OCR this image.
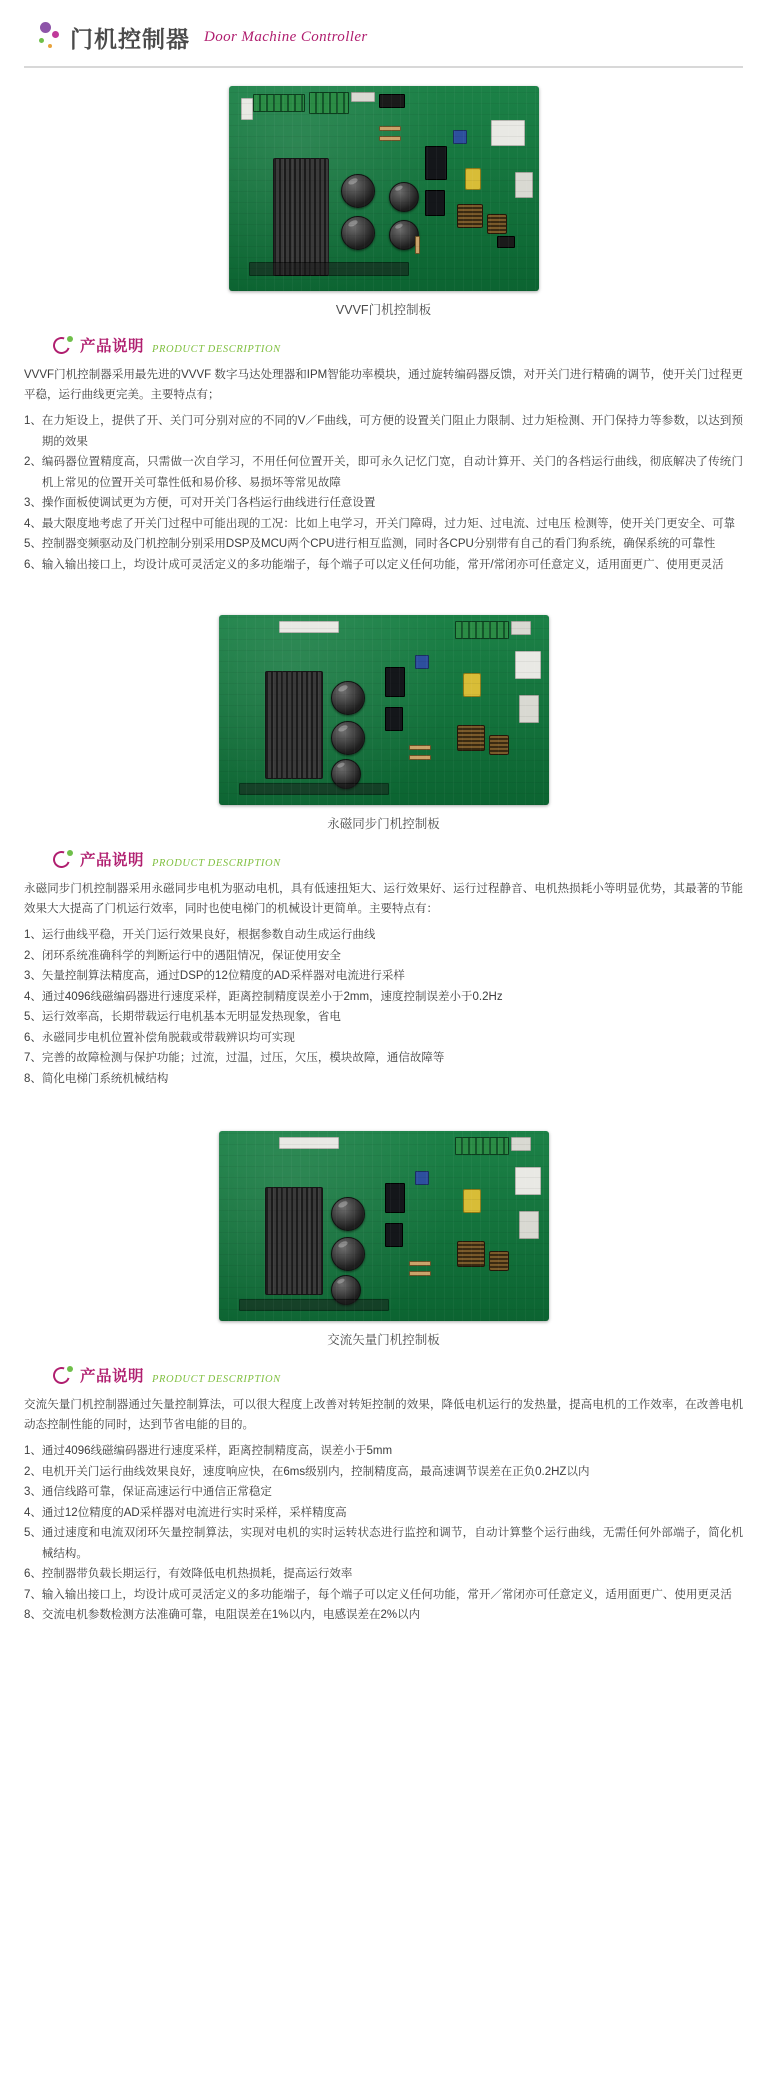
门机控制器 Door Machine Controller
VVVF门机控制板
产品说明 PRODUCT DESCRIPTION

VVVF门机控制器采用最先进的VVVF 数字马达处理器和IPM智能功率模块，通过旋转编码器反馈，对开关门进行精确的调节，使开关门过程更平稳，运行曲线更完美。主要特点有；

1、 在力矩设上，提供了开、关门可分别对应的不同的V／F曲线，可方便的设置关门阻止力限制、过力矩检测、开门保持力等参数，以达到预期的效果
2、 编码器位置精度高，只需做一次自学习，不用任何位置开关，即可永久记忆门宽，自动计算开、关门的各档运行曲线，彻底解决了传统门机上常见的位置开关可靠性低和易价移、易损坏等常见故障
3、 操作面板使调试更为方便，可对开关门各档运行曲线进行任意设置
4、 最大限度地考虑了开关门过程中可能出现的工况：比如上电学习，开关门障碍，过力矩、过电流、过电压 检测等，使开关门更安全、可靠
5、 控制器变频驱动及门机控制分别采用DSP及MCU两个CPU进行相互监测，同时各CPU分别带有自己的看门狗系统，确保系统的可靠性
6、 输入输出接口上，均设计成可灵活定义的多功能端子，每个端子可以定义任何功能，常开/常闭亦可任意定义，适用面更广、使用更灵活
永磁同步门机控制板
产品说明 PRODUCT DESCRIPTION

永磁同步门机控制器采用永磁同步电机为驱动电机，具有低速扭矩大、运行效果好、运行过程静音、电机热损耗小等明显优势，其最著的节能效果大大提高了门机运行效率，同时也使电梯门的机械设计更简单。主要特点有：

1、 运行曲线平稳，开关门运行效果良好，根据参数自动生成运行曲线
2、 闭环系统准确科学的判断运行中的遇阻情况，保证使用安全
3、 矢量控制算法精度高，通过DSP的12位精度的AD采样器对电流进行采样
4、 通过4096线磁编码器进行速度采样，距离控制精度误差小于2mm，速度控制误差小于0.2Hz
5、 运行效率高，长期带载运行电机基本无明显发热现象，省电
6、 永磁同步电机位置补偿角脱载或带载辨识均可实现
7、 完善的故障检测与保护功能；过流，过温，过压，欠压，模块故障，通信故障等
8、 简化电梯门系统机械结构
交流矢量门机控制板
产品说明 PRODUCT DESCRIPTION

交流矢量门机控制器通过矢量控制算法，可以很大程度上改善对转矩控制的效果，降低电机运行的发热量，提高电机的工作效率，在改善电机动态控制性能的同时，达到节省电能的目的。

1、 通过4096线磁编码器进行速度采样，距离控制精度高，误差小于5mm
2、 电机开关门运行曲线效果良好，速度响应快，在6ms级别内，控制精度高，最高速调节误差在正负0.2HZ以内
3、 通信线路可靠，保证高速运行中通信正常稳定
4、 通过12位精度的AD采样器对电流进行实时采样，采样精度高
5、 通过速度和电流双闭环矢量控制算法，实现对电机的实时运转状态进行监控和调节，自动计算整个运行曲线，无需任何外部端子，简化机械结构。
6、 控制器带负载长期运行，有效降低电机热损耗，提高运行效率
7、 输入输出接口上，均设计成可灵活定义的多功能端子，每个端子可以定义任何功能，常开／常闭亦可任意定义，适用面更广、使用更灵活
8、 交流电机参数检测方法准确可靠，电阻误差在1%以内，电感误差在2%以内
